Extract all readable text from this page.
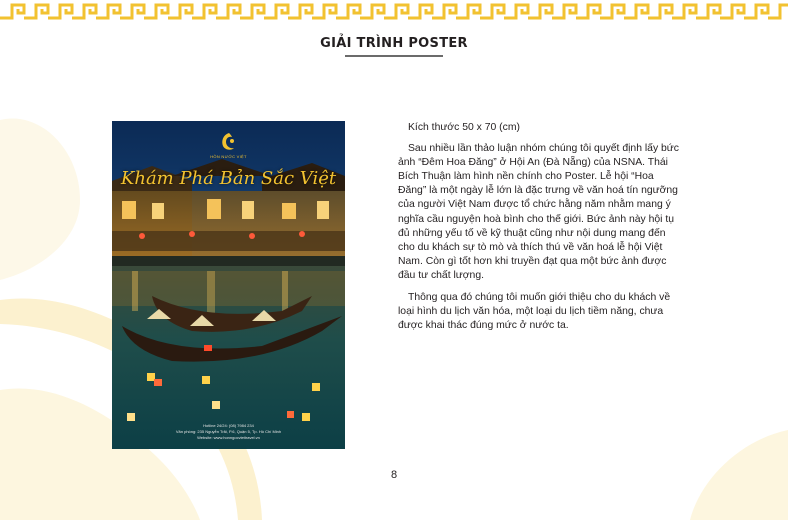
GIẢI TRÌNH POSTER
HỒN NƯỚC VIỆT
Khám Phá Bản Sắc Việt
Hotline 24/24: (08) 7984 234
Văn phòng: 235 Nguyễn Trãi, P.6, Quận 5, Tp. Hồ Chí Minh
Website: www.honngocviettravel.vn

Kích thước 50 x 70 (cm)

Sau nhiều lần thảo luận nhóm chúng tôi quyết định lấy bức ảnh “Đêm Hoa Đăng” ở Hội An (Đà Nẵng) của NSNA. Thái Bích Thuận làm hình nền chính cho Poster. Lễ hội “Hoa Đăng” là một ngày lễ lớn là đặc trưng về văn hoá tín ngưỡng của người Việt Nam được tổ chức hằng năm nhằm mang ý nghĩa cầu nguyện hoà bình cho thế giới. Bức ảnh này hội tụ đủ những yếu tố về kỹ thuật cũng như nội dung mang đến cho du khách sự tò mò và thích thú về văn hoá lễ hội Việt Nam. Còn gì tốt hơn khi truyền đạt qua một bức ảnh được đầu tư chất lượng.

Thông qua đó chúng tôi muốn giới thiệu cho du khách về loại hình du lịch văn hóa, một loại du lịch tiềm năng, chưa được khai thác đúng mức ở nước ta.

8
